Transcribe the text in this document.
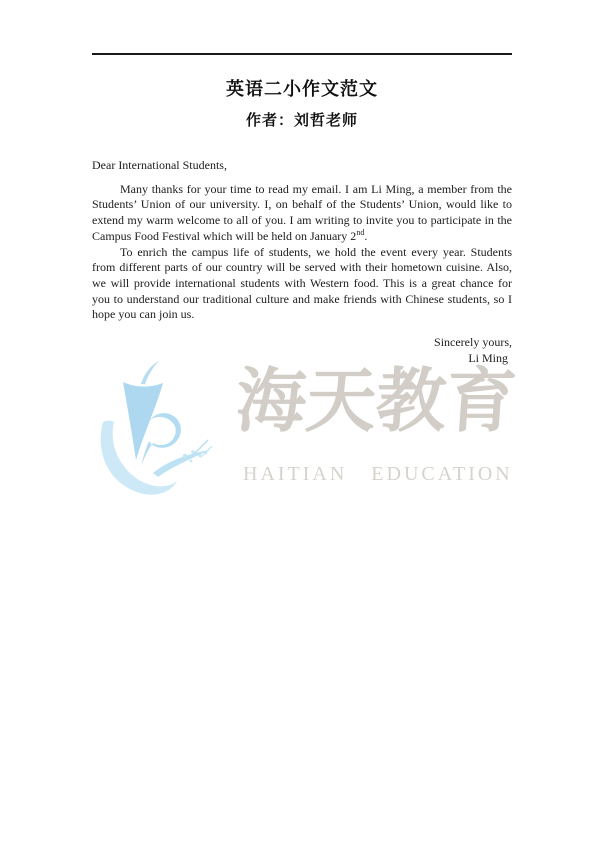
英语二小作文范文
作者：刘哲老师

Dear International Students,

Many thanks for your time to read my email. I am Li Ming, a member from the Students’ Union of our university. I, on behalf of the Students’ Union, would like to extend my warm welcome to all of you. I am writing to invite you to participate in the Campus Food Festival which will be held on January 2nd.

To enrich the campus life of students, we hold the event every year. Students from different parts of our country will be served with their hometown cuisine. Also, we will provide international students with Western food. This is a great chance for you to understand our traditional culture and make friends with Chinese students, so I hope you can join us.

Sincerely yours,

Li Ming

海天教育

HAITIAN EDUCATION
